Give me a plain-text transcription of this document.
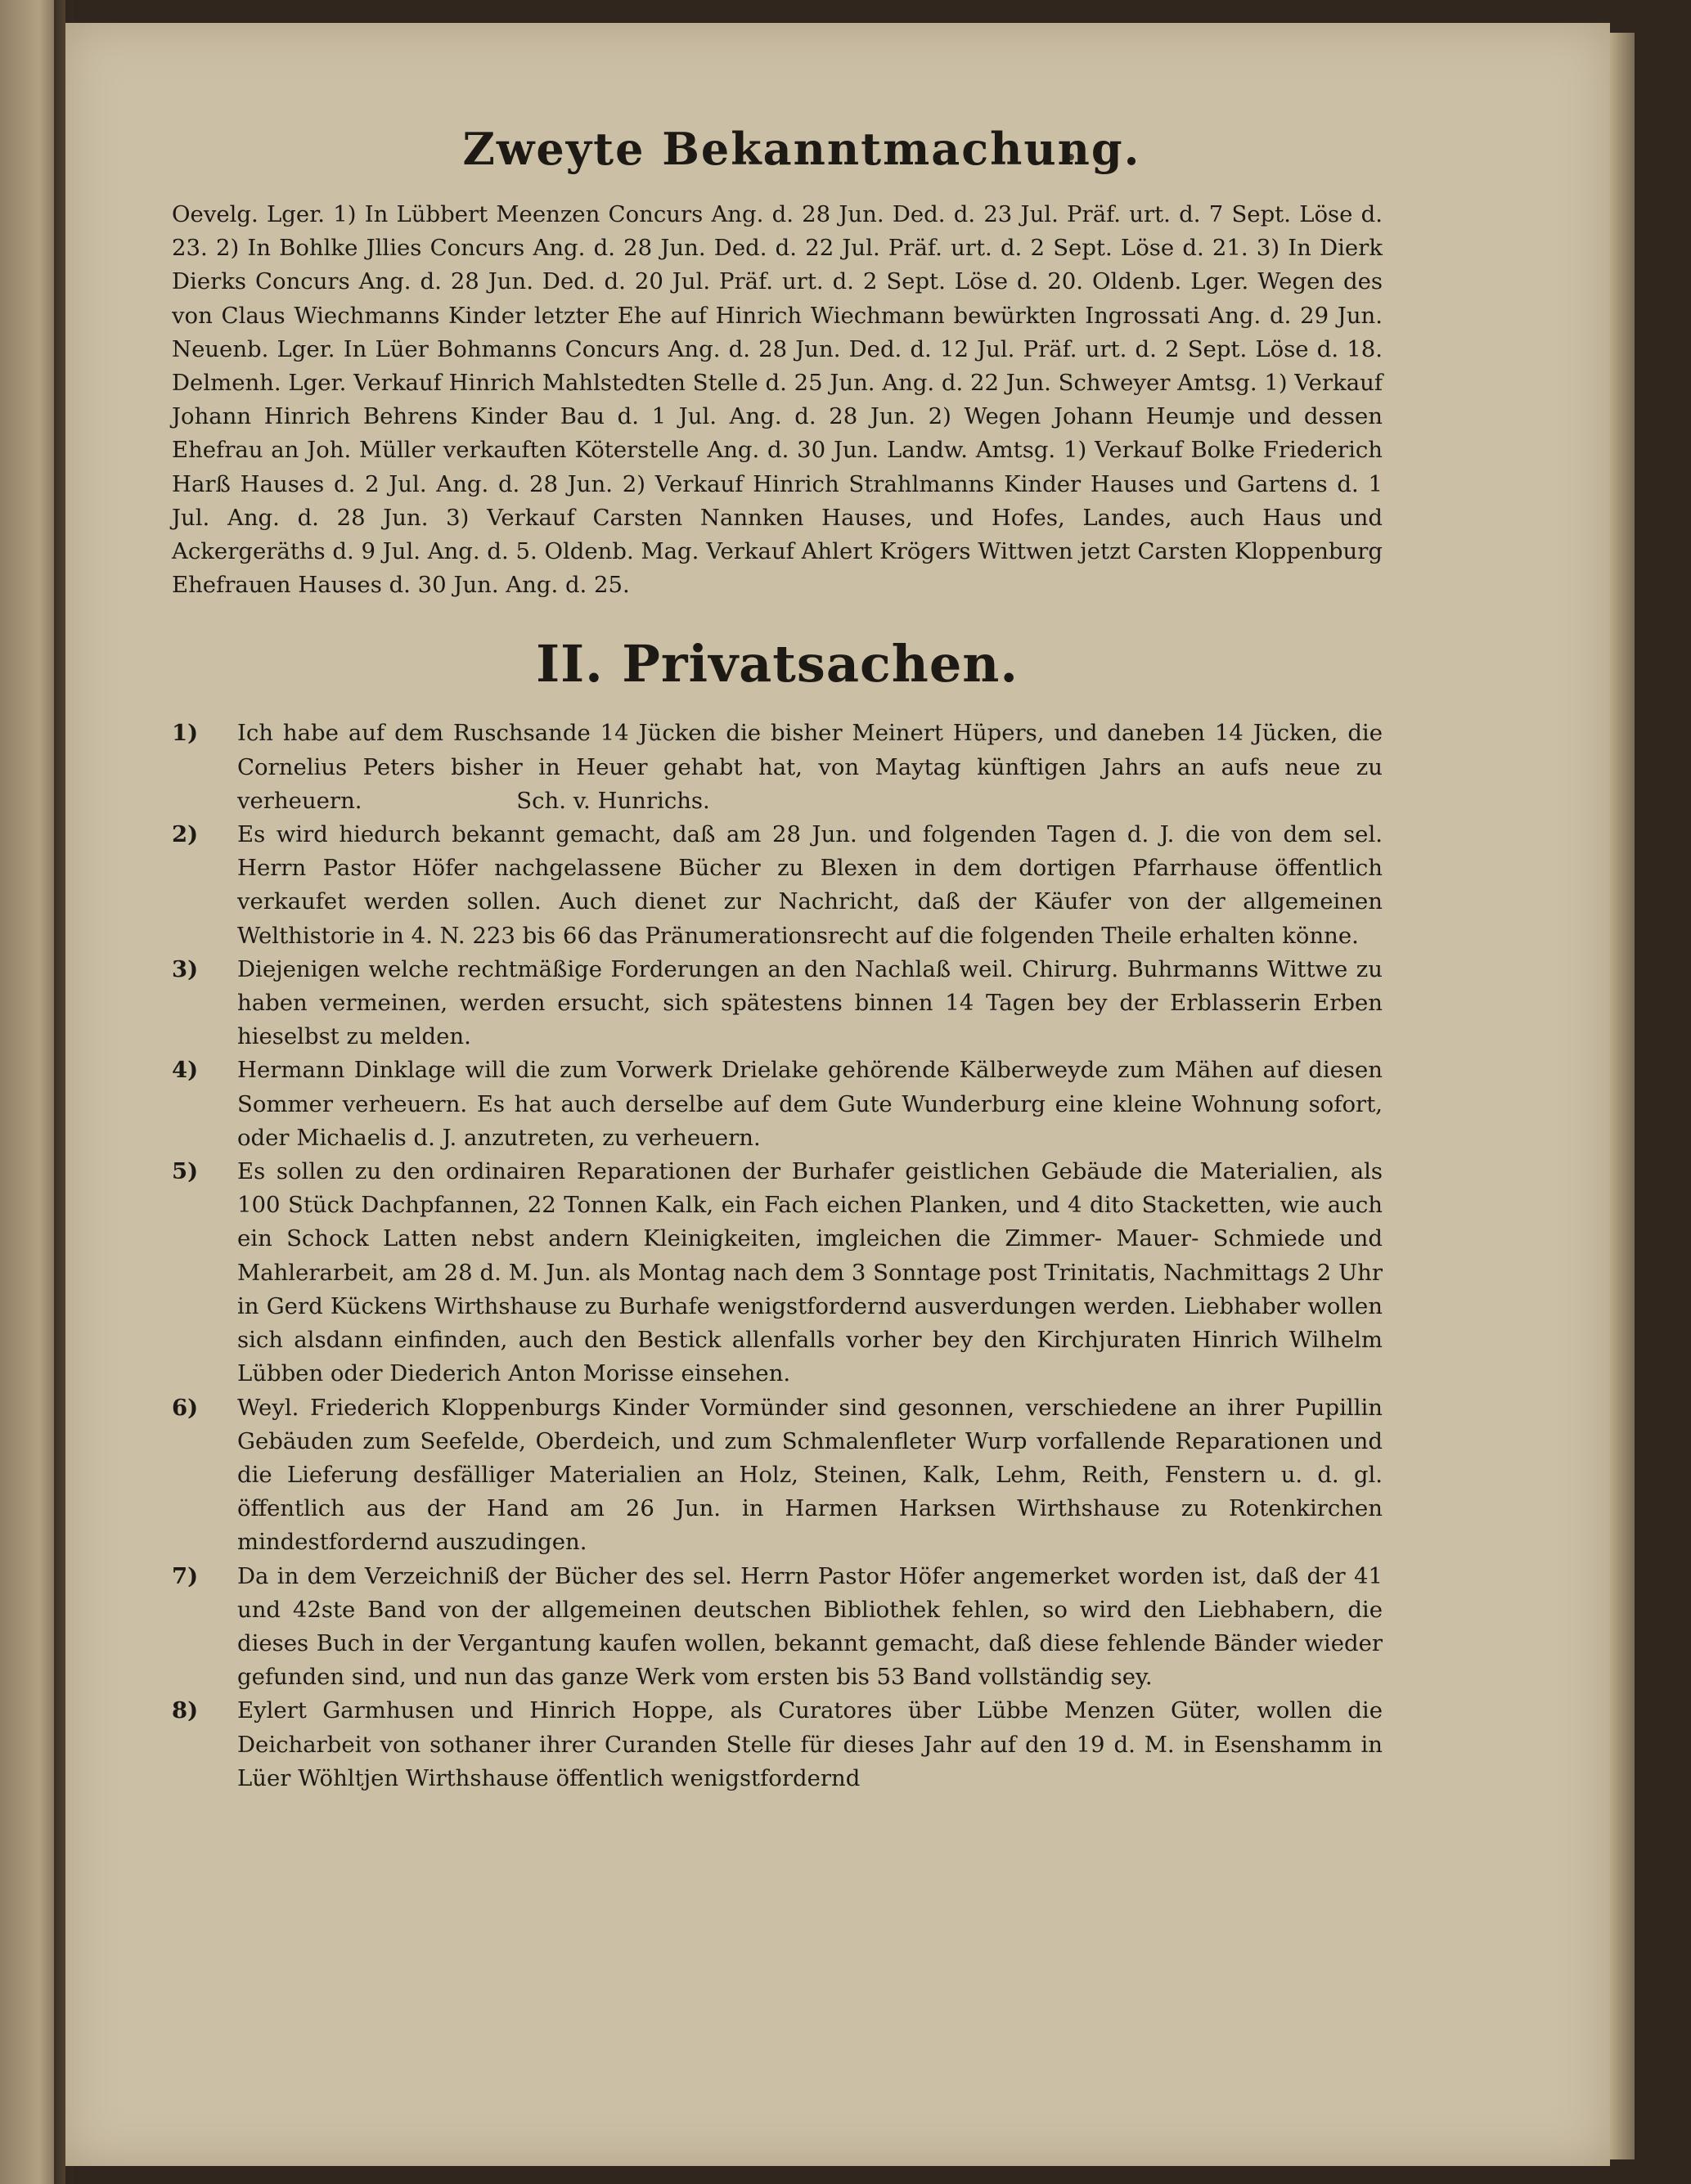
Zweyte Bekanntmachung.

Oevelg. Lger. 1) In Lübbert Meenzen Concurs Ang. d. 28 Jun. Ded. d. 23 Jul. Präf. urt. d. 7 Sept. Löse d. 23. 2) In Bohlke Jllies Concurs Ang. d. 28 Jun. Ded. d. 22 Jul. Präf. urt. d. 2 Sept. Löse d. 21. 3) In Dierk Dierks Concurs Ang. d. 28 Jun. Ded. d. 20 Jul. Präf. urt. d. 2 Sept. Löse d. 20. Oldenb. Lger. Wegen des von Claus Wiechmanns Kinder letzter Ehe auf Hinrich Wiechmann bewürkten Ingrossati Ang. d. 29 Jun. Neuenb. Lger. In Lüer Bohmanns Concurs Ang. d. 28 Jun. Ded. d. 12 Jul. Präf. urt. d. 2 Sept. Löse d. 18. Delmenh. Lger. Verkauf Hinrich Mahlstedten Stelle d. 25 Jun. Ang. d. 22 Jun. Schweyer Amtsg. 1) Verkauf Johann Hinrich Behrens Kinder Bau d. 1 Jul. Ang. d. 28 Jun. 2) Wegen Johann Heumje und dessen Ehefrau an Joh. Müller verkauften Köterstelle Ang. d. 30 Jun. Landw. Amtsg. 1) Verkauf Bolke Friederich Harß Hauses d. 2 Jul. Ang. d. 28 Jun. 2) Verkauf Hinrich Strahlmanns Kinder Hauses und Gartens d. 1 Jul. Ang. d. 28 Jun. 3) Verkauf Carsten Nannken Hauses, und Hofes, Landes, auch Haus und Ackergeräths d. 9 Jul. Ang. d. 5. Oldenb. Mag. Verkauf Ahlert Krögers Wittwen jetzt Carsten Kloppenburg Ehefrauen Hauses d. 30 Jun. Ang. d. 25.

II. Privatsachen.
1)	Ich habe auf dem Ruschsande 14 Jücken die bisher Meinert Hüpers, und daneben 14 Jücken, die Cornelius Peters bisher in Heuer gehabt hat, von Maytag künftigen Jahrs an aufs neue zu verheuern.	Sch. v. Hunrichs.
2)	Es wird hiedurch bekannt gemacht, daß am 28 Jun. und folgenden Tagen d. J. die von dem sel. Herrn Pastor Höfer nachgelassene Bücher zu Blexen in dem dortigen Pfarrhause öffentlich verkaufet werden sollen. Auch dienet zur Nachricht, daß der Käufer von der allgemeinen Welthistorie in 4. N. 223 bis 66 das Pränumerationsrecht auf die folgenden Theile erhalten könne.
3)	Diejenigen welche rechtmäßige Forderungen an den Nachlaß weil. Chirurg. Buhrmanns Wittwe zu haben vermeinen, werden ersucht, sich spätestens binnen 14 Tagen bey der Erblasserin Erben hieselbst zu melden.
4)	Hermann Dinklage will die zum Vorwerk Drielake gehörende Kälberweyde zum Mähen auf diesen Sommer verheuern. Es hat auch derselbe auf dem Gute Wunderburg eine kleine Wohnung sofort, oder Michaelis d. J. anzutreten, zu verheuern.
5)	Es sollen zu den ordinairen Reparationen der Burhafer geistlichen Gebäude die Materialien, als 100 Stück Dachpfannen, 22 Tonnen Kalk, ein Fach eichen Planken, und 4 dito Stacketten, wie auch ein Schock Latten nebst andern Kleinigkeiten, imgleichen die Zimmer- Mauer- Schmiede und Mahlerarbeit, am 28 d. M. Jun. als Montag nach dem 3 Sonntage post Trinitatis, Nachmittags 2 Uhr in Gerd Kückens Wirthshause zu Burhafe wenigstfordernd ausverdungen werden. Liebhaber wollen sich alsdann einfinden, auch den Bestick allenfalls vorher bey den Kirchjuraten Hinrich Wilhelm Lübben oder Diederich Anton Morisse einsehen.
6)	Weyl. Friederich Kloppenburgs Kinder Vormünder sind gesonnen, verschiedene an ihrer Pupillin Gebäuden zum Seefelde, Oberdeich, und zum Schmalenfleter Wurp vorfallende Reparationen und die Lieferung desfälliger Materialien an Holz, Steinen, Kalk, Lehm, Reith, Fenstern u. d. gl. öffentlich aus der Hand am 26 Jun. in Harmen Harksen Wirthshause zu Rotenkirchen mindestfordernd auszudingen.
7)	Da in dem Verzeichniß der Bücher des sel. Herrn Pastor Höfer angemerket worden ist, daß der 41 und 42ste Band von der allgemeinen deutschen Bibliothek fehlen, so wird den Liebhabern, die dieses Buch in der Vergantung kaufen wollen, bekannt gemacht, daß diese fehlende Bänder wieder gefunden sind, und nun das ganze Werk vom ersten bis 53 Band vollständig sey.
8)	Eylert Garmhusen und Hinrich Hoppe, als Curatores über Lübbe Menzen Güter, wollen die Deicharbeit von sothaner ihrer Curanden Stelle für dieses Jahr auf den 19 d. M. in Esenshamm in Lüer Wöhltjen Wirthshause öffentlich wenigstfordernd
